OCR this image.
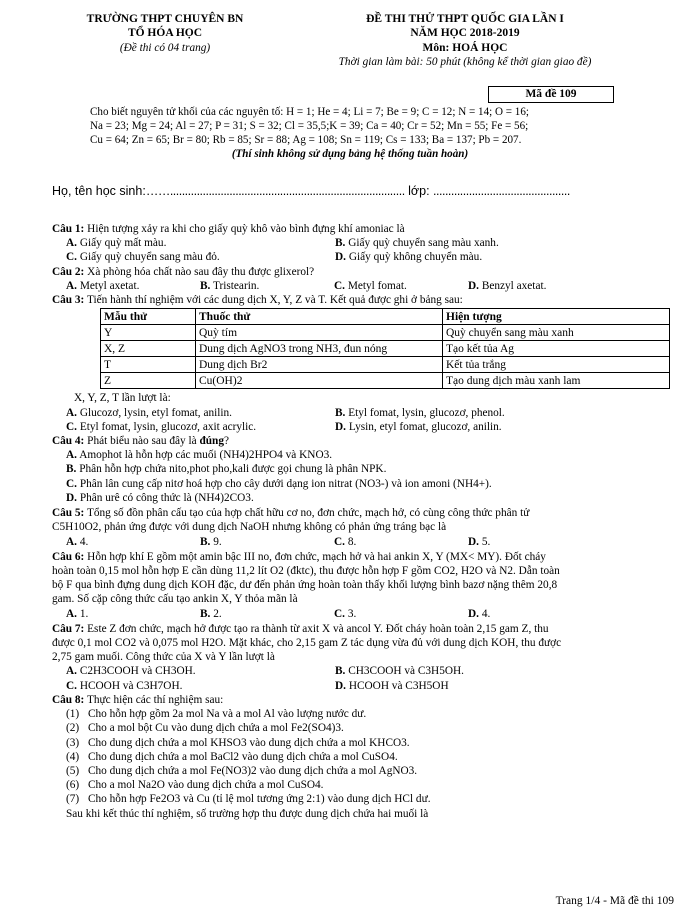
TRƯỜNG THPT CHUYÊN BN
TỔ HÓA HỌC
(Đề thi có 04 trang)
ĐỀ THI THỬ THPT QUỐC GIA LẦN I
NĂM HỌC 2018-2019
Môn: HOÁ HỌC
Thời gian làm bài: 50 phút (không kể thời gian giao đề)
Mã đề 109
Cho biết nguyên tử khối của các nguyên tố: H = 1; He = 4; Li = 7; Be = 9; C = 12; N = 14; O = 16;
Na = 23; Mg = 24; Al = 27; P = 31; S = 32; Cl = 35,5;K = 39; Ca = 40; Cr = 52; Mn = 55; Fe = 56;
Cu = 64; Zn = 65; Br = 80; Rb = 85; Sr = 88; Ag = 108; Sn = 119; Cs = 133; Ba = 137; Pb = 207.
(Thí sinh không sử dụng bảng hệ thống tuần hoàn)
Họ, tên học sinh:……............................................................................... lớp: ..............................................
Câu 1: Hiện tượng xảy ra khi cho giấy quỳ khô vào bình đựng khí amoniac là
A. Giấy quỳ mất màu.	B. Giấy quỳ chuyển sang màu xanh.
C. Giấy quỳ chuyển sang màu đỏ.	D. Giấy quỳ không chuyển màu.
Câu 2: Xà phòng hóa chất nào sau đây thu được glixerol?
A. Metyl axetat.	B. Tristearin.	C. Metyl fomat.	D. Benzyl axetat.
Câu 3: Tiến hành thí nghiệm với các dung dịch X, Y, Z và T. Kết quả được ghi ở bảng sau:
Mẫu thử	Thuốc thử	Hiện tượng
Y	Quỳ tím	Quỳ chuyển sang màu xanh
X, Z	Dung dịch AgNO3 trong NH3, đun nóng	Tạo kết tủa Ag
T	Dung dịch Br2	Kết tủa trắng
Z	Cu(OH)2	Tạo dung dịch màu xanh lam
X, Y, Z, T lần lượt là:
A. Glucozơ, lysin, etyl fomat, anilin.	B. Etyl fomat, lysin, glucozơ, phenol.
C. Etyl fomat, lysin, glucozơ, axit acrylic.	D. Lysin, etyl fomat, glucozơ, anilin.
Câu 4: Phát biểu nào sau đây là đúng?
A. Amophot là hỗn hợp các muối (NH4)2HPO4 và KNO3.
B. Phân hỗn hợp chứa nito,phot pho,kali được gọi chung là phân NPK.
C. Phân lân cung cấp nitơ hoá hợp cho cây dưới dạng ion nitrat (NO3-) và ion amoni (NH4+).
D. Phân urê có công thức là (NH4)2CO3.
Câu 5: Tổng số đồn phân cấu tạo của hợp chất hữu cơ no, đơn chức, mạch hở, có cùng công thức phân tử
C5H10O2, phản ứng được với dung dịch NaOH nhưng không có phản ứng tráng bạc là
A. 4.	B. 9.	C. 8.	D. 5.
Câu 6: Hỗn hợp khí E gồm một amin bậc III no, đơn chức, mạch hở và hai ankin X, Y (MX< MY). Đốt cháy
hoàn toàn 0,15 mol hỗn hợp E cần dùng 11,2 lít O2 (đktc), thu được hỗn hợp F gồm CO2, H2O và N2. Dẫn toàn
bộ F qua bình đựng dung dịch KOH đặc, dư đến phản ứng hoàn toàn thấy khối lượng bình bazơ nặng thêm 20,8
gam. Số cặp công thức cấu tạo ankin X, Y thỏa mãn là
A. 1.	B. 2.	C. 3.	D. 4.
Câu 7: Este Z đơn chức, mạch hở được tạo ra thành từ axit X và ancol Y. Đốt cháy hoàn toàn 2,15 gam Z, thu
được 0,1 mol CO2 và 0,075 mol H2O. Mặt khác, cho 2,15 gam Z tác dụng vừa đủ với dung dịch KOH, thu được
2,75 gam muối. Công thức của X và Y lần lượt là
A. C2H3COOH và CH3OH.	B. CH3COOH và C3H5OH.
C. HCOOH và C3H7OH.	D. HCOOH và C3H5OH
Câu 8: Thực hiện các thí nghiệm sau:
(1) Cho hỗn hợp gồm 2a mol Na và a mol Al vào lượng nước dư.
(2) Cho a mol bột Cu vào dung dịch chứa a mol Fe2(SO4)3.
(3) Cho dung dịch chứa a mol KHSO3 vào dung dịch chứa a mol KHCO3.
(4) Cho dung dịch chứa a mol BaCl2 vào dung dịch chứa a mol CuSO4.
(5) Cho dung dịch chứa a mol Fe(NO3)2 vào dung dịch chứa a mol AgNO3.
(6) Cho a mol Na2O vào dung dịch chứa a mol CuSO4.
(7) Cho hỗn hợp Fe2O3 và Cu (tỉ lệ mol tương ứng 2:1) vào dung dịch HCl dư.
Sau khi kết thúc thí nghiệm, số trường hợp thu được dung dịch chứa hai muối là
Trang 1/4 - Mã đề thi 109
